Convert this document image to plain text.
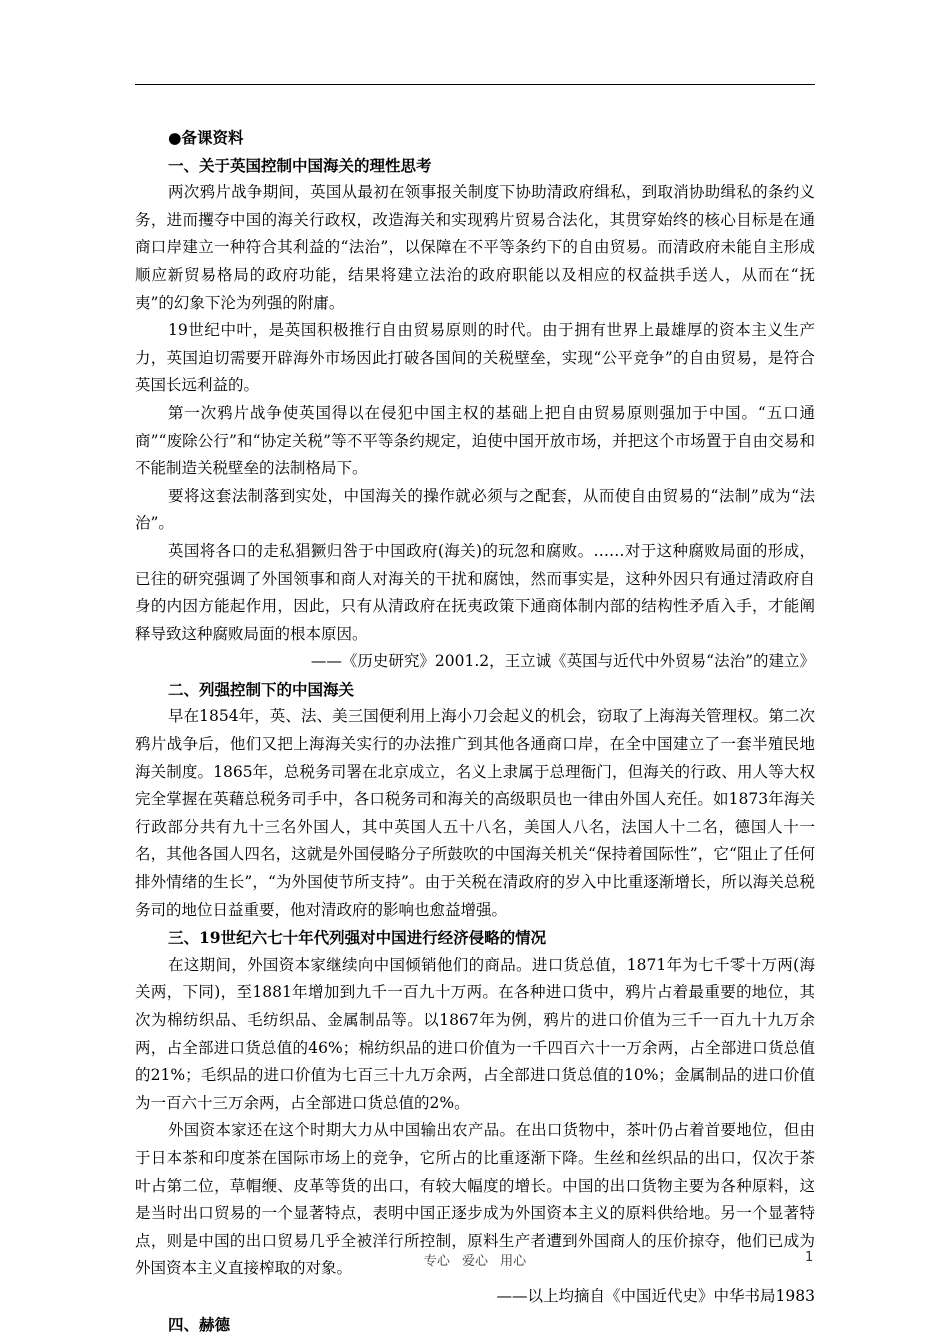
●备课资料

一、关于英国控制中国海关的理性思考

两次鸦片战争期间，英国从最初在领事报关制度下协助清政府缉私，到取消协助缉私的条约义务，进而攫夺中国的海关行政权，改造海关和实现鸦片贸易合法化，其贯穿始终的核心目标是在通商口岸建立一种符合其利益的“法治”，以保障在不平等条约下的自由贸易。而清政府未能自主形成顺应新贸易格局的政府功能，结果将建立法治的政府职能以及相应的权益拱手送人，从而在“抚夷”的幻象下沦为列强的附庸。

19世纪中叶，是英国积极推行自由贸易原则的时代。由于拥有世界上最雄厚的资本主义生产力，英国迫切需要开辟海外市场因此打破各国间的关税壁垒，实现“公平竞争”的自由贸易，是符合英国长远利益的。

第一次鸦片战争使英国得以在侵犯中国主权的基础上把自由贸易原则强加于中国。“五口通商”“废除公行”和“协定关税”等不平等条约规定，迫使中国开放市场，并把这个市场置于自由交易和不能制造关税壁垒的法制格局下。

要将这套法制落到实处，中国海关的操作就必须与之配套，从而使自由贸易的“法制”成为“法治”。

英国将各口的走私猖獗归咎于中国政府(海关)的玩忽和腐败。……对于这种腐败局面的形成，已往的研究强调了外国领事和商人对海关的干扰和腐蚀，然而事实是，这种外因只有通过清政府自身的内因方能起作用，因此，只有从清政府在抚夷政策下通商体制内部的结构性矛盾入手，才能阐释导致这种腐败局面的根本原因。

——《历史研究》2001.2，王立诚《英国与近代中外贸易“法治”的建立》

二、列强控制下的中国海关

早在1854年，英、法、美三国便利用上海小刀会起义的机会，窃取了上海海关管理权。第二次鸦片战争后，他们又把上海海关实行的办法推广到其他各通商口岸，在全中国建立了一套半殖民地海关制度。1865年，总税务司署在北京成立，名义上隶属于总理衙门，但海关的行政、用人等大权完全掌握在英藉总税务司手中，各口税务司和海关的高级职员也一律由外国人充任。如1873年海关行政部分共有九十三名外国人，其中英国人五十八名，美国人八名，法国人十二名，德国人十一名，其他各国人四名，这就是外国侵略分子所鼓吹的中国海关机关“保持着国际性”，它“阻止了任何排外情绪的生长”，“为外国使节所支持”。由于关税在清政府的岁入中比重逐渐增长，所以海关总税务司的地位日益重要，他对清政府的影响也愈益增强。

三、19世纪六七十年代列强对中国进行经济侵略的情况

在这期间，外国资本家继续向中国倾销他们的商品。进口货总值，1871年为七千零十万两(海关两，下同)，至1881年增加到九千一百九十万两。在各种进口货中，鸦片占着最重要的地位，其次为棉纺织品、毛纺织品、金属制品等。以1867年为例，鸦片的进口价值为三千一百九十九万余两，占全部进口货总值的46%；棉纺织品的进口价值为一千四百六十一万余两，占全部进口货总值的21%；毛织品的进口价值为七百三十九万余两，占全部进口货总值的10%；金属制品的进口价值为一百六十三万余两，占全部进口货总值的2%。

外国资本家还在这个时期大力从中国输出农产品。在出口货物中，茶叶仍占着首要地位，但由于日本茶和印度茶在国际市场上的竞争，它所占的比重逐渐下降。生丝和丝织品的出口，仅次于茶叶占第二位，草帽缏、皮革等货的出口，有较大幅度的增长。中国的出口货物主要为各种原料，这是当时出口贸易的一个显著特点，表明中国正逐步成为外国资本主义的原料供给地。另一个显著特点，则是中国的出口贸易几乎全被洋行所控制，原料生产者遭到外国商人的压价掠夺，他们已成为外国资本主义直接榨取的对象。

——以上均摘自《中国近代史》中华书局1983

四、赫德

专心 爱心 用心	1
